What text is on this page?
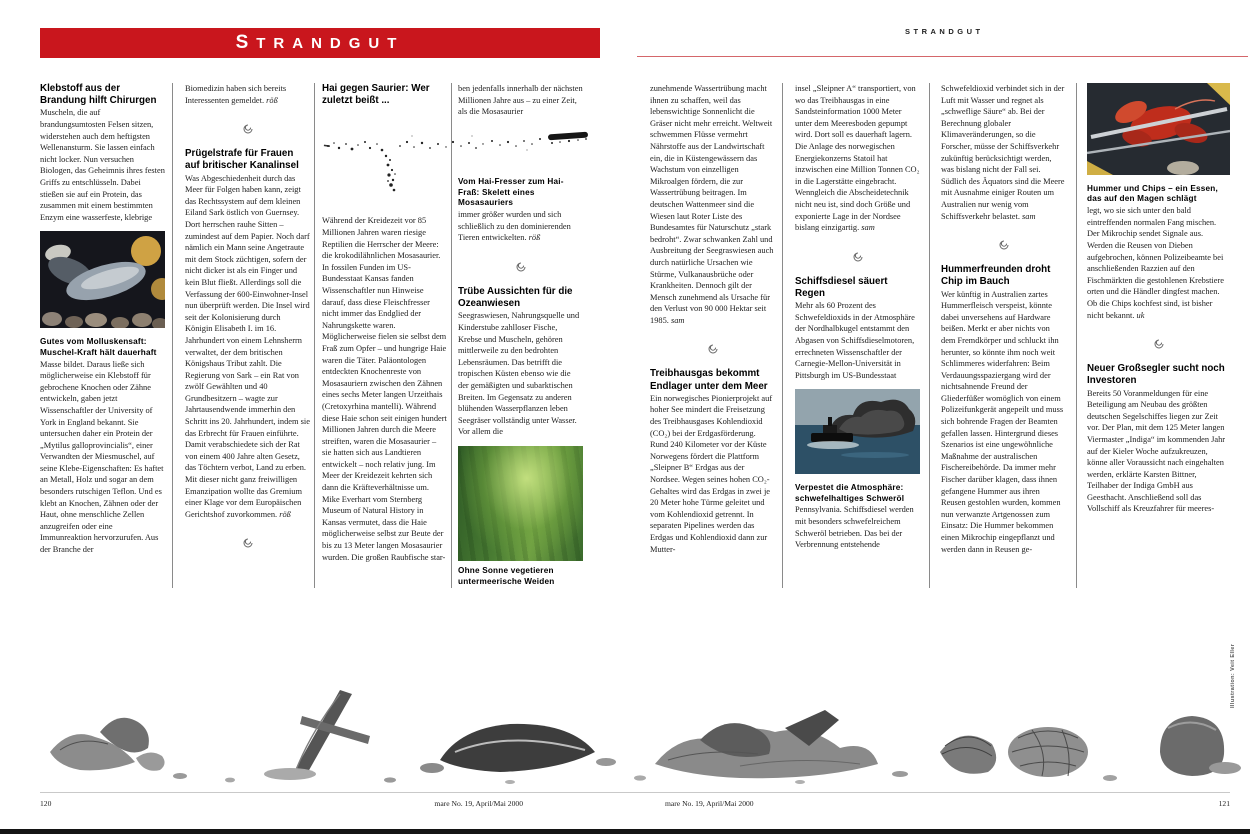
STRANDGUT
STRANDGUT
Klebstoff aus der Brandung hilft Chirurgen

Muscheln, die auf brandungsumtosten Felsen sitzen, widerstehen auch dem heftigsten Wellenansturm. Sie lassen einfach nicht locker. Nun versuchen Biologen, das Geheimnis ihres festen Griffs zu entschlüsseln. Dabei stießen sie auf ein Protein, das zusammen mit einem bestimmten Enzym eine wasserfeste, klebrige

Gutes vom Molluskensaft: Muschel-Kraft hält dauerhaft

Masse bildet. Daraus ließe sich möglicherweise ein Klebstoff für gebrochene Knochen oder Zähne entwickeln, gaben jetzt Wissenschaftler der University of York in England bekannt. Sie untersuchen daher ein Protein der „Mytilus galloprovincialis“, einer Verwandten der Miesmuschel, auf seine Klebe-Eigenschaften: Es haftet an Metall, Holz und sogar an dem besonders rutschigen Teflon. Und es klebt an Knochen, Zähnen oder der Haut, ohne menschliche Zellen anzugreifen oder eine Immunreaktion hervorzurufen. Aus der Branche der

Biomedizin haben sich bereits Interessenten gemeldet. röß

Prügelstrafe für Frauen auf britischer Kanalinsel

Was Abgeschiedenheit durch das Meer für Folgen haben kann, zeigt das Rechtssystem auf dem kleinen Eiland Sark östlich von Guernsey. Dort herrschen rauhe Sitten – zumindest auf dem Papier. Noch darf nämlich ein Mann seine Angetraute mit dem Stock züchtigen, sofern der nicht dicker ist als ein Finger und kein Blut fließt. Allerdings soll die Verfassung der 600-Einwohner-Insel nun überprüft werden. Die Insel wird seit der Kolonisierung durch Königin Elisabeth I. im 16. Jahrhundert von einem Lehnsherrn verwaltet, der dem britischen Königshaus Tribut zahlt. Die Regierung von Sark – ein Rat von zwölf Gewählten und 40 Grundbesitzern – wagte zur Jahrtausendwende immerhin den Schritt ins 20. Jahrhundert, indem sie das Erbrecht für Frauen einführte. Damit verabschiedete sich der Rat von einem 400 Jahre alten Gesetz, das Töchtern verbot, Land zu erben. Mit dieser nicht ganz freiwilligen Emanzipation wollte das Gremium einer Klage vor dem Europäischen Gerichtshof zuvorkommen. röß

Hai gegen Saurier: Wer zuletzt beißt ...

Während der Kreidezeit vor 85 Millionen Jahren waren riesige Reptilien die Herrscher der Meere: die krokodilähnlichen Mosasaurier. In fossilen Funden im US-Bundesstaat Kansas fanden Wissenschaftler nun Hinweise darauf, dass diese Fleischfresser nicht immer das Endglied der Nahrungskette waren. Möglicherweise fielen sie selbst dem Fraß zum Opfer – und hungrige Haie waren die Täter. Paläontologen entdeckten Knochenreste von Mosasauriern zwischen den Zähnen eines sechs Meter langen Urzeithais (Cretoxyrhina mantelli). Während diese Haie schon seit einigen hundert Millionen Jahren durch die Meere streiften, waren die Mosasaurier – sie hatten sich aus Landtieren entwickelt – noch relativ jung. Im Meer der Kreidezeit kehrten sich dann die Kräfteverhältnisse um. Mike Everhart vom Sternberg Museum of Natural History in Kansas vermutet, dass die Haie möglicherweise selbst zur Beute der bis zu 13 Meter langen Mosasaurier wurden. Die großen Raubfische star-

ben jedenfalls innerhalb der nächsten Millionen Jahre aus – zu einer Zeit, als die Mosasaurier

Vom Hai-Fresser zum Hai-Fraß: Skelett eines Mosasauriers

immer größer wurden und sich schließlich zu den dominierenden Tieren entwickelten. röß

Trübe Aussichten für die Ozeanwiesen

Seegraswiesen, Nahrungsquelle und Kinderstube zahlloser Fische, Krebse und Muscheln, gehören mittlerweile zu den bedrohten Lebensräumen. Das betrifft die tropischen Küsten ebenso wie die der gemäßigten und subarktischen Breiten. Im Gegensatz zu anderen blühenden Wasserpflanzen leben Seegräser vollständig unter Wasser. Vor allem die

Ohne Sonne vegetieren untermeerische Weiden

zunehmende Wassertrübung macht ihnen zu schaffen, weil das lebenswichtige Sonnenlicht die Gräser nicht mehr erreicht. Weltweit schwemmen Flüsse vermehrt Nährstoffe aus der Landwirtschaft ein, die in Küstengewässern das Wachstum von einzelligen Mikroalgen fördern, die zur Wassertrübung beitragen. Im deutschen Wattenmeer sind die Wiesen laut Roter Liste des Bundesamtes für Naturschutz „stark bedroht“. Zwar schwanken Zahl und Ausbreitung der Seegraswiesen auch durch natürliche Ursachen wie Stürme, Vulkanausbrüche oder Krankheiten. Dennoch gilt der Mensch zunehmend als Ursache für den Verlust von 90 000 Hektar seit 1985. sam

Treibhausgas bekommt Endlager unter dem Meer

Ein norwegisches Pionierprojekt auf hoher See mindert die Freisetzung des Treibhausgases Kohlendioxid (CO₂) bei der Erdgasförderung. Rund 240 Kilometer vor der Küste Norwegens fördert die Plattform „Sleipner B“ Erdgas aus der Nordsee. Wegen seines hohen CO₂-Gehaltes wird das Erdgas in zwei je 20 Meter hohe Türme geleitet und vom Kohlendioxid getrennt. In separaten Pipelines werden das Erdgas und Kohlendioxid dann zur Mutter-

insel „Sleipner A“ transportiert, von wo das Treibhausgas in eine Sandsteinformation 1000 Meter unter dem Meeresboden gepumpt wird. Dort soll es dauerhaft lagern. Die Anlage des norwegischen Energiekonzerns Statoil hat inzwischen eine Million Tonnen CO₂ in die Lagerstätte eingebracht. Wenngleich die Abscheidetechnik nicht neu ist, sind doch Größe und exponierte Lage in der Nordsee bislang einzigartig. sam

Schiffsdiesel säuert Regen

Mehr als 60 Prozent des Schwefeldioxids in der Atmosphäre der Nordhalbkugel entstammt den Abgasen von Schiffsdieselmotoren, errechneten Wissenschaftler der Carnegie-Mellon-Universität in Pittsburgh im US-Bundesstaat

Verpestet die Atmosphäre: schwefelhaltiges Schweröl

Pennsylvania. Schiffsdiesel werden mit besonders schwefelreichem Schweröl betrieben. Das bei der Verbrennung entstehende

Schwefeldioxid verbindet sich in der Luft mit Wasser und regnet als „schweflige Säure“ ab. Bei der Berechnung globaler Klimaveränderungen, so die Forscher, müsse der Schiffsverkehr zukünftig berücksichtigt werden, was bislang nicht der Fall sei. Südlich des Äquators sind die Meere mit Ausnahme einiger Routen um Australien nur wenig vom Schiffsverkehr belastet. sam

Hummerfreunden droht Chip im Bauch

Wer künftig in Australien zartes Hummerfleisch verspeist, könnte dabei unversehens auf Hardware beißen. Merkt er aber nichts von dem Fremdkörper und schluckt ihn herunter, so könnte ihm noch weit Schlimmeres widerfahren: Beim Verdauungsspaziergang wird der nichtsahnende Freund der Gliederfüßer womöglich von einem Polizeifunkgerät angepeilt und muss sich bohrende Fragen der Beamten gefallen lassen. Hintergrund dieses Szenarios ist eine ungewöhnliche Maßnahme der australischen Fischereibehörde. Da immer mehr Fischer darüber klagen, dass ihnen gefangene Hummer aus ihren Reusen gestohlen wurden, kommen nun verwanzte Artgenossen zum Einsatz: Die Hummer bekommen einen Mikrochip eingepflanzt und werden dann in Reusen ge-

Hummer und Chips – ein Essen, das auf den Magen schlägt

legt, wo sie sich unter den bald eintreffenden normalen Fang mischen. Der Mikrochip sendet Signale aus. Werden die Reusen von Dieben aufgebrochen, können Polizeibeamte bei anschließenden Razzien auf den Fischmärkten die gestohlenen Krebstiere orten und die Händler dingfest machen. Ob die Chips kochfest sind, ist bisher nicht bekannt. uk

Neuer Großsegler sucht noch Investoren

Bereits 50 Voranmeldungen für eine Beteiligung am Neubau des größten deutschen Segelschiffes liegen zur Zeit vor. Der Plan, mit dem 125 Meter langen Viermaster „Indiga“ im kommenden Jahr auf der Kieler Woche aufzukreuzen, könne aller Voraussicht nach eingehalten werden, erklärte Karsten Bittner, Teilhaber der Indiga GmbH aus Geesthacht. Anschließend soll das Vollschiff als Kreuzfahrer für meeres-

120	mare No. 19, April/Mai 2000	mare No. 19, April/Mai 2000	121
Illustration: Veit Eller
